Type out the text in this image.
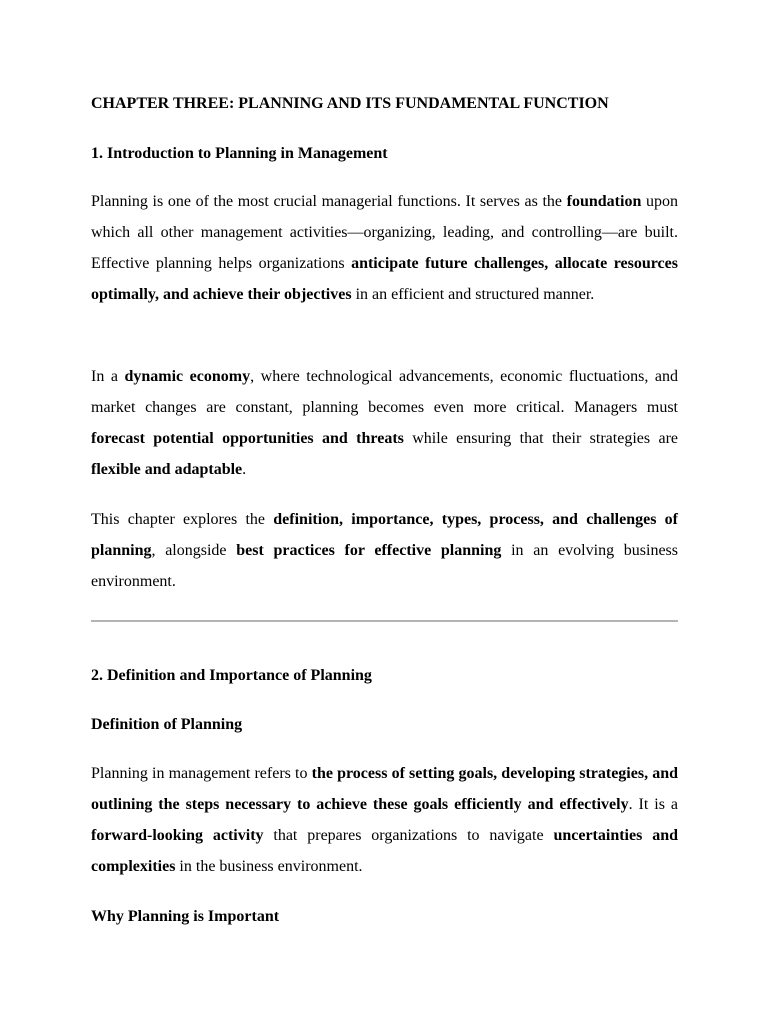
CHAPTER THREE: PLANNING AND ITS FUNDAMENTAL FUNCTION
1. Introduction to Planning in Management

Planning is one of the most crucial managerial functions. It serves as the foundation upon which all other management activities—organizing, leading, and controlling—are built. Effective planning helps organizations anticipate future challenges, allocate resources optimally, and achieve their objectives in an efficient and structured manner.

In a dynamic economy, where technological advancements, economic fluctuations, and market changes are constant, planning becomes even more critical. Managers must forecast potential opportunities and threats while ensuring that their strategies are flexible and adaptable.

This chapter explores the definition, importance, types, process, and challenges of planning, alongside best practices for effective planning in an evolving business environment.

2. Definition and Importance of Planning
Definition of Planning

Planning in management refers to the process of setting goals, developing strategies, and outlining the steps necessary to achieve these goals efficiently and effectively. It is a forward-looking activity that prepares organizations to navigate uncertainties and complexities in the business environment.

Why Planning is Important
